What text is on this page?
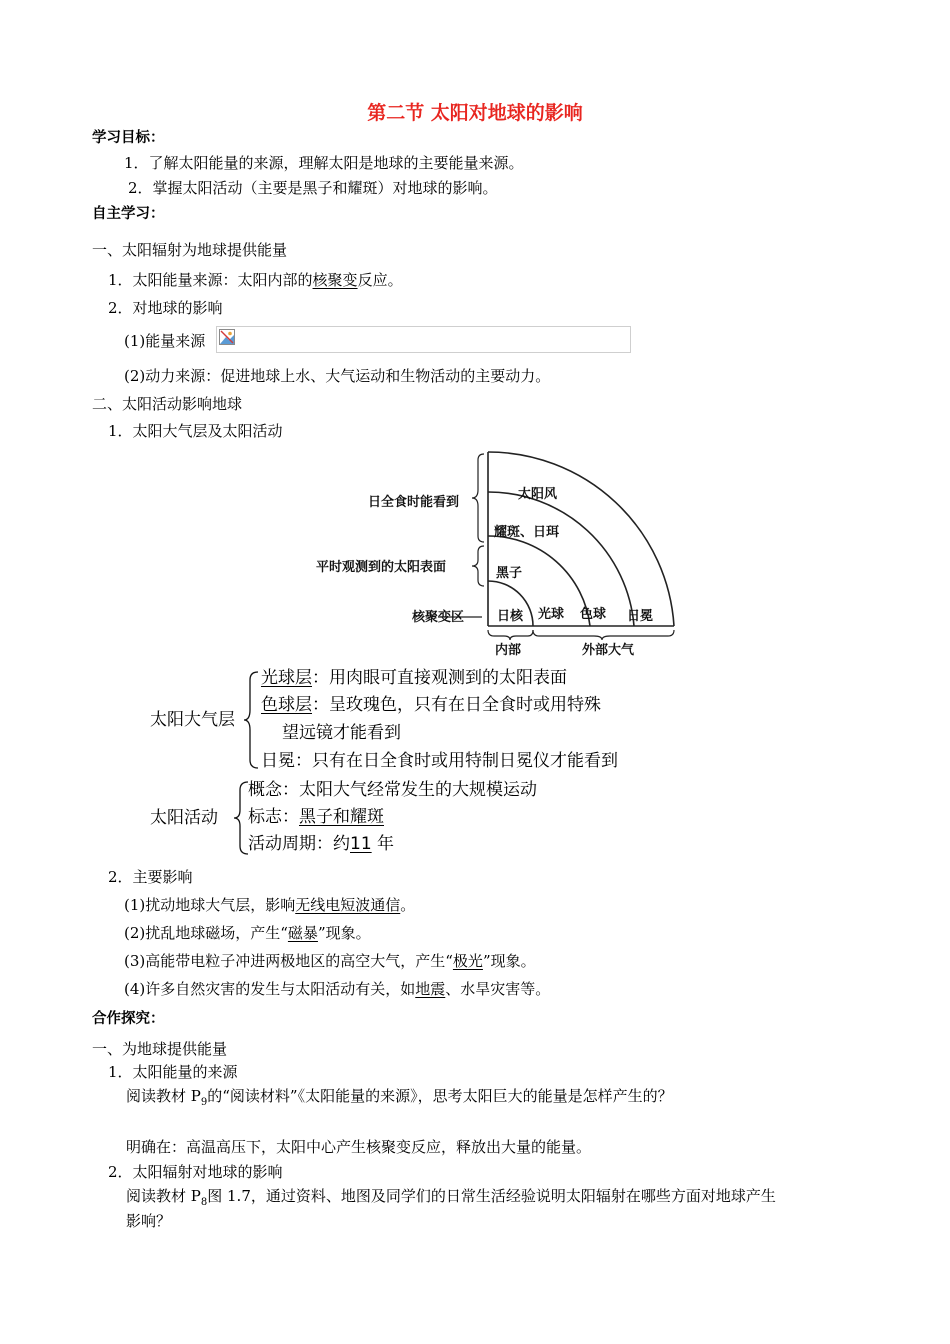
第二节 太阳对地球的影响
学习目标：
1．了解太阳能量的来源，理解太阳是地球的主要能量来源。
2．掌握太阳活动（主要是黑子和耀斑）对地球的影响。
自主学习：
一、太阳辐射为地球提供能量
1．太阳能量来源：太阳内部的核聚变反应。
2．对地球的影响
(1)能量来源
(2)动力来源：促进地球上水、大气运动和生物活动的主要动力。
二、太阳活动影响地球
1．太阳大气层及太阳活动
日全食时能看到
平时观测到的太阳表面
核聚变区	日核 光球 色球 日冕
太阳风
耀斑、日珥
黑子
内部	外部大气
太阳大气层
光球层：用肉眼可直接观测到的太阳表面
色球层：呈玫瑰色，只有在日全食时或用特殊
望远镜才能看到
日冕：只有在日全食时或用特制日冕仪才能看到
太阳活动
概念：太阳大气经常发生的大规模运动
标志：黑子和耀斑
活动周期：约11 年
2．主要影响
(1)扰动地球大气层，影响无线电短波通信。
(2)扰乱地球磁场，产生“磁暴”现象。
(3)高能带电粒子冲进两极地区的高空大气，产生“极光”现象。
(4)许多自然灾害的发生与太阳活动有关，如地震、水旱灾害等。
合作探究：
一、为地球提供能量
1．太阳能量的来源
阅读教材 $P_9$的“阅读材料”《太阳能量的来源》，思考太阳巨大的能量是怎样产生的？
明确在：高温高压下，太阳中心产生核聚变反应，释放出大量的能量。
2．太阳辐射对地球的影响
阅读教材 $P_8$图 1.7，通过资料、地图及同学们的日常生活经验说明太阳辐射在哪些方面对地球产生
影响？
